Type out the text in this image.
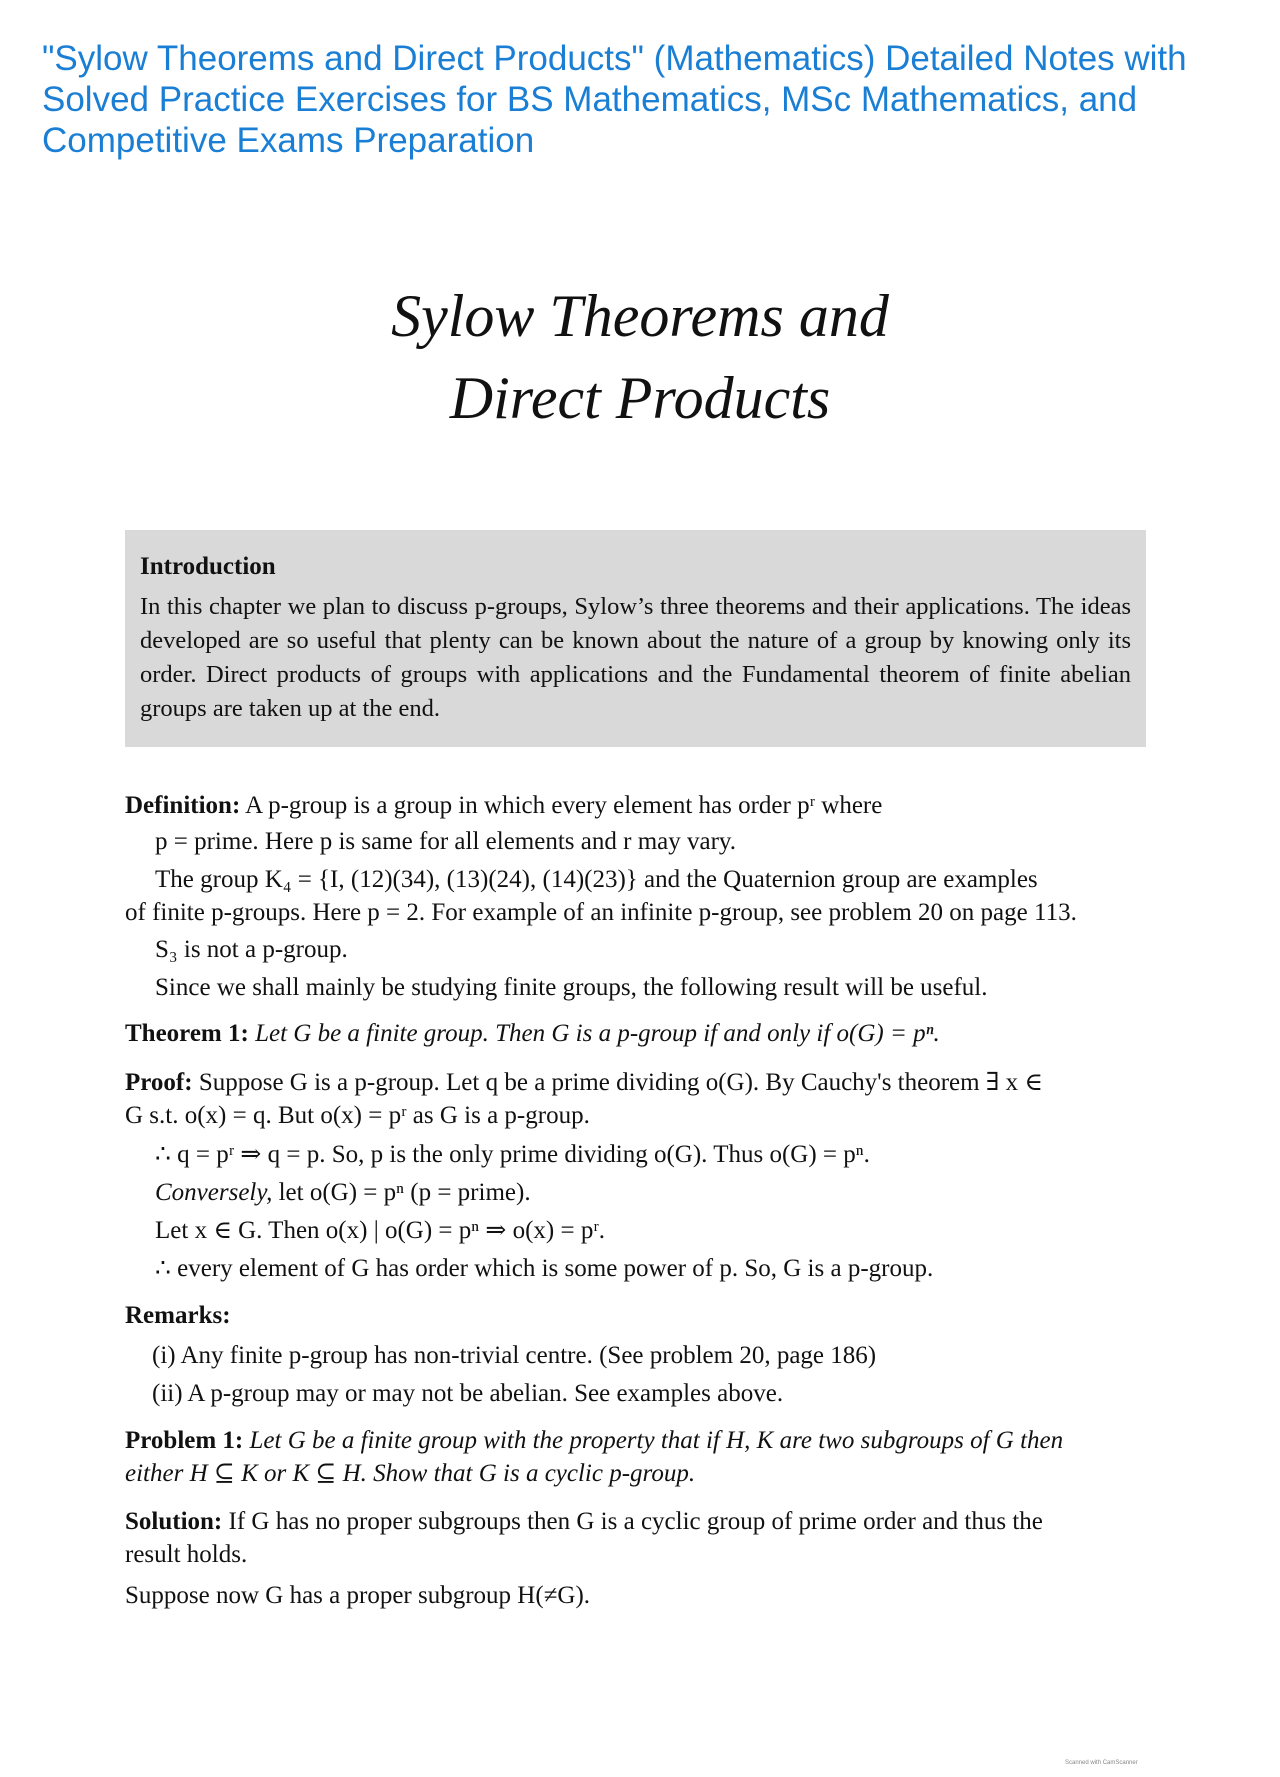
"Sylow Theorems and Direct Products" (Mathematics) Detailed Notes with Solved Practice Exercises for BS Mathematics, MSc Mathematics, and Competitive Exams Preparation
Sylow Theorems and
Direct Products
Introduction
In this chapter we plan to discuss p-groups, Sylow’s three theorems and their applications. The ideas developed are so useful that plenty can be known about the nature of a group by knowing only its order. Direct products of groups with applications and the Fundamental theorem of finite abelian groups are taken up at the end.
Definition: A p-group is a group in which every element has order pʳ where
p = prime. Here p is same for all elements and r may vary.
The group K₄ = {I, (12)(34), (13)(24), (14)(23)} and the Quaternion group are examples
of finite p-groups. Here p = 2. For example of an infinite p-group, see problem 20 on page 113.
S₃ is not a p-group.
Since we shall mainly be studying finite groups, the following result will be useful.
Theorem 1: Let G be a finite group. Then G is a p-group if and only if o(G) = pⁿ.
Proof: Suppose G is a p-group. Let q be a prime dividing o(G). By Cauchy's theorem ∃ x ∈
G s.t. o(x) = q. But o(x) = pʳ as G is a p-group.
∴ q = pʳ ⇒ q = p. So, p is the only prime dividing o(G). Thus o(G) = pⁿ.
Conversely, let o(G) = pⁿ (p = prime).
Let x ∈ G. Then o(x) | o(G) = pⁿ ⇒ o(x) = pʳ.
∴ every element of G has order which is some power of p. So, G is a p-group.
Remarks:
(i) Any finite p-group has non-trivial centre. (See problem 20, page 186)
(ii) A p-group may or may not be abelian. See examples above.
Problem 1: Let G be a finite group with the property that if H, K are two subgroups of G then
either H ⊆ K or K ⊆ H. Show that G is a cyclic p-group.
Solution: If G has no proper subgroups then G is a cyclic group of prime order and thus the
result holds.
Suppose now G has a proper subgroup H(≠G).
Scanned with CamScanner
